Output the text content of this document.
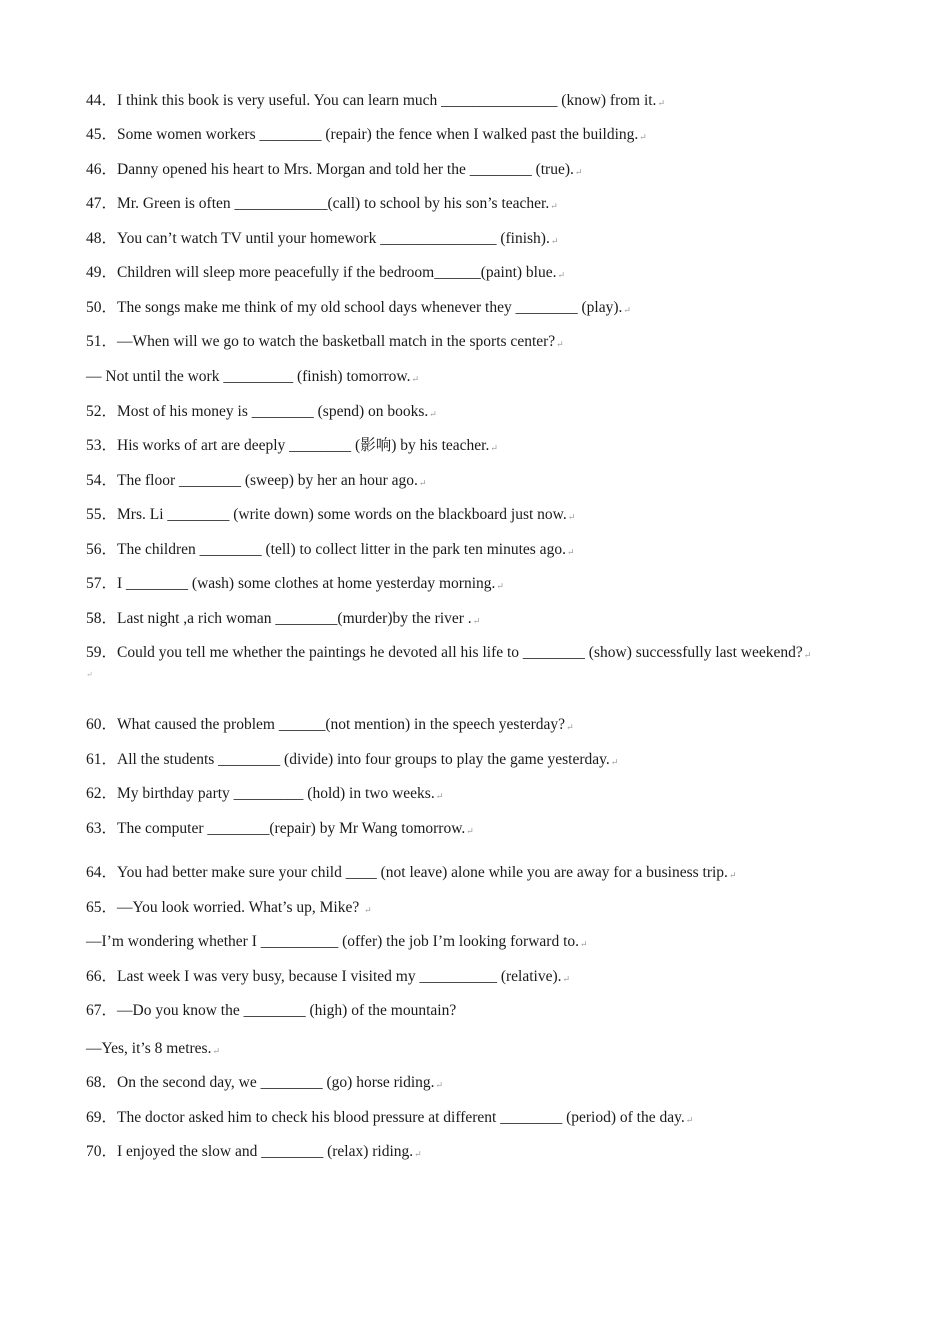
44．I think this book is very useful. You can learn much _______________ (know) from it.↵
45．Some women workers ________ (repair) the fence when I walked past the building.↵
46．Danny opened his heart to Mrs. Morgan and told her the ________ (true).↵
47．Mr. Green is often ____________(call) to school by his son’s teacher.↵
48．You can’t watch TV until your homework _______________ (finish).↵
49．Children will sleep more peacefully if the bedroom______(paint) blue.↵
50．The songs make me think of my old school days whenever they ________ (play).↵
51．—When will we go to watch the basketball match in the sports center?↵
— Not until the work _________ (finish) tomorrow.↵
52．Most of his money is ________ (spend) on books.↵
53．His works of art are deeply ________ (影响) by his teacher.↵
54．The floor ________ (sweep) by her an hour ago.↵
55．Mrs. Li ________ (write down) some words on the blackboard just now.↵
56．The children ________ (tell) to collect litter in the park ten minutes ago.↵
57．I ________ (wash) some clothes at home yesterday morning.↵
58．Last night ,a rich woman ________(murder)by the river .↵
59．Could you tell me whether the paintings he devoted all his life to ________ (show) successfully last weekend?↵
↵
60．What caused the problem ______(not mention) in the speech yesterday?↵
61．All the students ________ (divide) into four groups to play the game yesterday.↵
62．My birthday party _________ (hold) in two weeks.↵
63．The computer ________(repair) by Mr Wang tomorrow.↵
64．You had better make sure your child ____ (not leave) alone while you are away for a business trip.↵
65．—You look worried. What’s up, Mike? ↵
—I’m wondering whether I __________ (offer) the job I’m looking forward to.↵
66．Last week I was very busy, because I visited my __________ (relative).↵
67．—Do you know the ________ (high) of the mountain?
—Yes, it’s 8 metres.↵
68．On the second day, we ________ (go) horse riding.↵
69．The doctor asked him to check his blood pressure at different ________ (period) of the day.↵
70．I enjoyed the slow and ________ (relax) riding.↵
